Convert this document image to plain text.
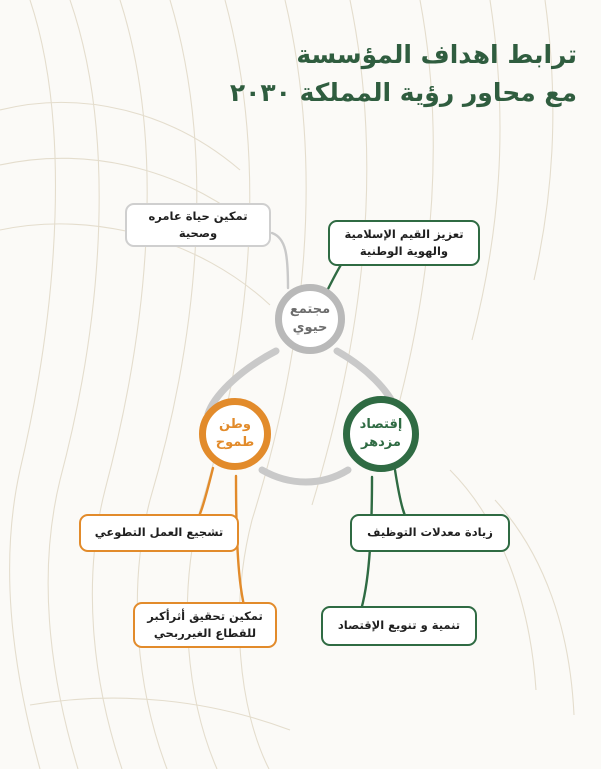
ترابط اهداف المؤسسة
مع محاور رؤية المملكة ٢٠٣٠
مجتمع حيوي
وطن طموح
إقتصاد مزدهر
تمكين حياة عامره وصحية	تعزيز القيم الإسلامية والهوية الوطنية
تشجيع العمل التطوعي
تمكين تحقيق أثرأكبر للقطاع الغيرربحي
زيادة معدلات التوظيف
تنمية و تنويع الإقتصاد
